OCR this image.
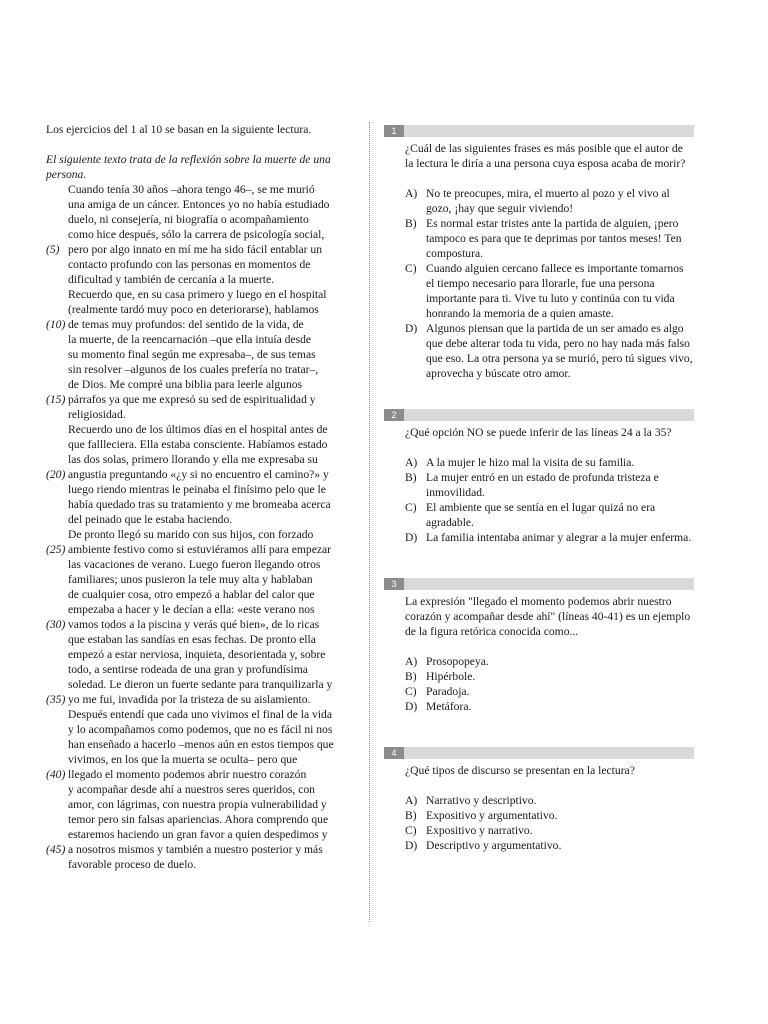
Los ejercicios del 1 al 10 se basan en la siguiente lectura.

El siguiente texto trata de la reflexión sobre la muerte de una persona.

Cuando tenía 30 años –ahora tengo 46–, se me murió
una amiga de un cáncer. Entonces yo no había estudiado
duelo, ni consejería, ni biografía o acompañamiento
como hice después, sólo la carrera de psicología social,
(5) pero por algo innato en mí me ha sido fácil entablar un
contacto profundo con las personas en momentos de
dificultad y también de cercanía a la muerte.
Recuerdo que, en su casa primero y luego en el hospital
(realmente tardó muy poco en deteriorarse), hablamos
(10) de temas muy profundos: del sentido de la vida, de
la muerte, de la reencarnación –que ella intuía desde
su momento final según me expresaba–, de sus temas
sin resolver –algunos de los cuales prefería no tratar–,
de Dios. Me compré una biblia para leerle algunos
(15) párrafos ya que me expresó su sed de espiritualidad y
religiosidad.
Recuerdo uno de los últimos días en el hospital antes de
que fallleciera. Ella estaba consciente. Habíamos estado
las dos solas, primero llorando y ella me expresaba su
(20) angustia preguntando «¿y si no encuentro el camino?» y
luego riendo mientras le peinaba el finísimo pelo que le
había quedado tras su tratamiento y me bromeaba acerca
del peinado que le estaba haciendo.
De pronto llegó su marido con sus hijos, con forzado
(25) ambiente festivo como si estuviéramos allí para empezar
las vacaciones de verano. Luego fueron llegando otros
familiares; unos pusieron la tele muy alta y hablaban
de cualquier cosa, otro empezó a hablar del calor que
empezaba a hacer y le decían a ella: «este verano nos
(30) vamos todos a la piscina y verás qué bien», de lo ricas
que estaban las sandías en esas fechas. De pronto ella
empezó a estar nerviosa, inquieta, desorientada y, sobre
todo, a sentirse rodeada de una gran y profundísima
soledad. Le dieron un fuerte sedante para tranquilizarla y
(35) yo me fui, invadida por la tristeza de su aislamiento.
Después entendí que cada uno vivimos el final de la vida
y lo acompañamos como podemos, que no es fácil ni nos
han enseñado a hacerlo –menos aún en estos tiempos que
vivimos, en los que la muerta se oculta– pero que
(40) llegado el momento podemos abrir nuestro corazón
y acompañar desde ahí a nuestros seres queridos, con
amor, con lágrimas, con nuestra propia vulnerabilidad y
temor pero sin falsas apariencias. Ahora comprendo que
estaremos haciendo un gran favor a quien despedimos y
(45) a nosotros mismos y también a nuestro posterior y más
favorable proceso de duelo.
1
¿Cuál de las siguientes frases es más posible que el autor de la lectura le diría a una persona cuya esposa acaba de morir?
A) No te preocupes, mira, el muerto al pozo y el vivo al gozo, ¡hay que seguir viviendo!
B) Es normal estar tristes ante la partida de alguien, ¡pero tampoco es para que te deprimas por tantos meses! Ten compostura.
C) Cuando alguien cercano fallece es importante tomarnos el tiempo necesario para llorarle, fue una persona importante para ti. Vive tu luto y continúa con tu vida honrando la memoria de a quien amaste.
D) Algunos piensan que la partida de un ser amado es algo que debe alterar toda tu vida, pero no hay nada más falso que eso. La otra persona ya se murió, pero tú sigues vivo, aprovecha y búscate otro amor.
2
¿Qué opción NO se puede inferir de las líneas 24 a la 35?
A) A la mujer le hizo mal la visita de su familia.
B) La mujer entró en un estado de profunda tristeza e inmovilidad.
C) El ambiente que se sentía en el lugar quizá no era agradable.
D) La familia intentaba animar y alegrar a la mujer enferma.
3
La expresión "llegado el momento podemos abrir nuestro corazón y acompañar desde ahí" (líneas 40-41) es un ejemplo de la figura retórica conocida como...
A) Prosopopeya.
B) Hipérbole.
C) Paradoja.
D) Metáfora.
4
¿Qué tipos de discurso se presentan en la lectura?
A) Narrativo y descriptivo.
B) Expositivo y argumentativo.
C) Expositivo y narrativo.
D) Descriptivo y argumentativo.
